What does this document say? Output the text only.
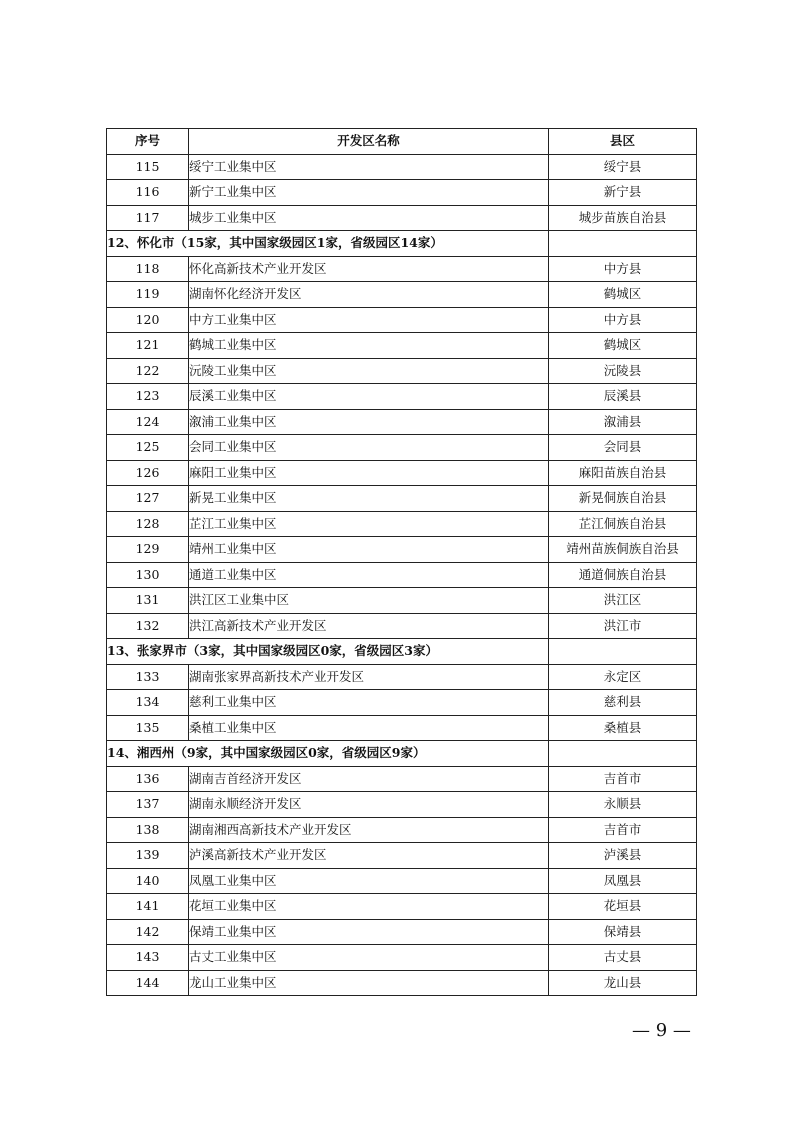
序号	开发区名称	县区
115	绥宁工业集中区	绥宁县
116	新宁工业集中区	新宁县
117	城步工业集中区	城步苗族自治县
12、怀化市（15家，其中国家级园区1家，省级园区14家）		
118	怀化高新技术产业开发区	中方县
119	湖南怀化经济开发区	鹤城区
120	中方工业集中区	中方县
121	鹤城工业集中区	鹤城区
122	沅陵工业集中区	沅陵县
123	辰溪工业集中区	辰溪县
124	溆浦工业集中区	溆浦县
125	会同工业集中区	会同县
126	麻阳工业集中区	麻阳苗族自治县
127	新晃工业集中区	新晃侗族自治县
128	芷江工业集中区	芷江侗族自治县
129	靖州工业集中区	靖州苗族侗族自治县
130	通道工业集中区	通道侗族自治县
131	洪江区工业集中区	洪江区
132	洪江高新技术产业开发区	洪江市
13、张家界市（3家，其中国家级园区0家，省级园区3家）		
133	湖南张家界高新技术产业开发区	永定区
134	慈利工业集中区	慈利县
135	桑植工业集中区	桑植县
14、湘西州（9家，其中国家级园区0家，省级园区9家）		
136	湖南吉首经济开发区	吉首市
137	湖南永顺经济开发区	永顺县
138	湖南湘西高新技术产业开发区	吉首市
139	泸溪高新技术产业开发区	泸溪县
140	凤凰工业集中区	凤凰县
141	花垣工业集中区	花垣县
142	保靖工业集中区	保靖县
143	古丈工业集中区	古丈县
144	龙山工业集中区	龙山县
— 9 —
